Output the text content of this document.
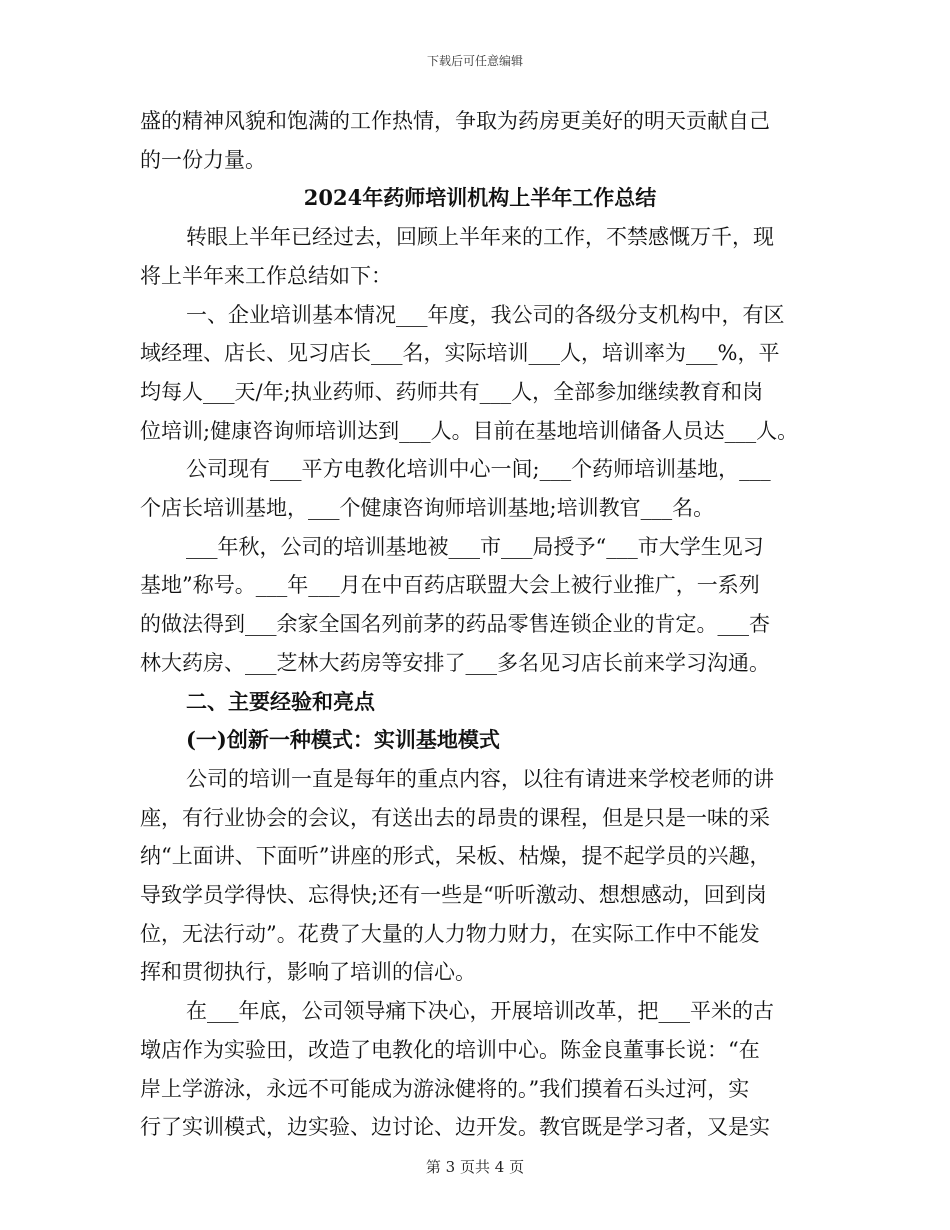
下载后可任意编辑

盛的精神风貌和饱满的工作热情，争取为药房更美好的明天贡献自己

的一份力量。

2024年药师培训机构上半年工作总结

转眼上半年已经过去，回顾上半年来的工作，不禁感慨万千，现

将上半年来工作总结如下：

一、企业培训基本情况___年度，我公司的各级分支机构中，有区

域经理、店长、见习店长___名，实际培训___人，培训率为___%，平

均每人___天/年;执业药师、药师共有___人，全部参加继续教育和岗

位培训;健康咨询师培训达到___人。目前在基地培训储备人员达___人。

公司现有___平方电教化培训中心一间;___个药师培训基地，___

个店长培训基地，___个健康咨询师培训基地;培训教官___名。

___年秋，公司的培训基地被___市___局授予“___市大学生见习

基地”称号。___年___月在中百药店联盟大会上被行业推广，一系列

的做法得到___余家全国名列前茅的药品零售连锁企业的肯定。___杏

林大药房、___芝林大药房等安排了___多名见习店长前来学习沟通。

二、主要经验和亮点

(一)创新一种模式：实训基地模式

公司的培训一直是每年的重点内容，以往有请进来学校老师的讲

座，有行业协会的会议，有送出去的昂贵的课程，但是只是一味的采

纳“上面讲、下面听”讲座的形式，呆板、枯燥，提不起学员的兴趣，

导致学员学得快、忘得快;还有一些是“听听激动、想想感动，回到岗

位，无法行动”。花费了大量的人力物力财力，在实际工作中不能发

挥和贯彻执行，影响了培训的信心。

在___年底，公司领导痛下决心，开展培训改革，把___平米的古

墩店作为实验田，改造了电教化的培训中心。陈金良董事长说：“在

岸上学游泳，永远不可能成为游泳健将的。”我们摸着石头过河，实

行了实训模式，边实验、边讨论、边开发。教官既是学习者，又是实

第 3 页共 4 页
